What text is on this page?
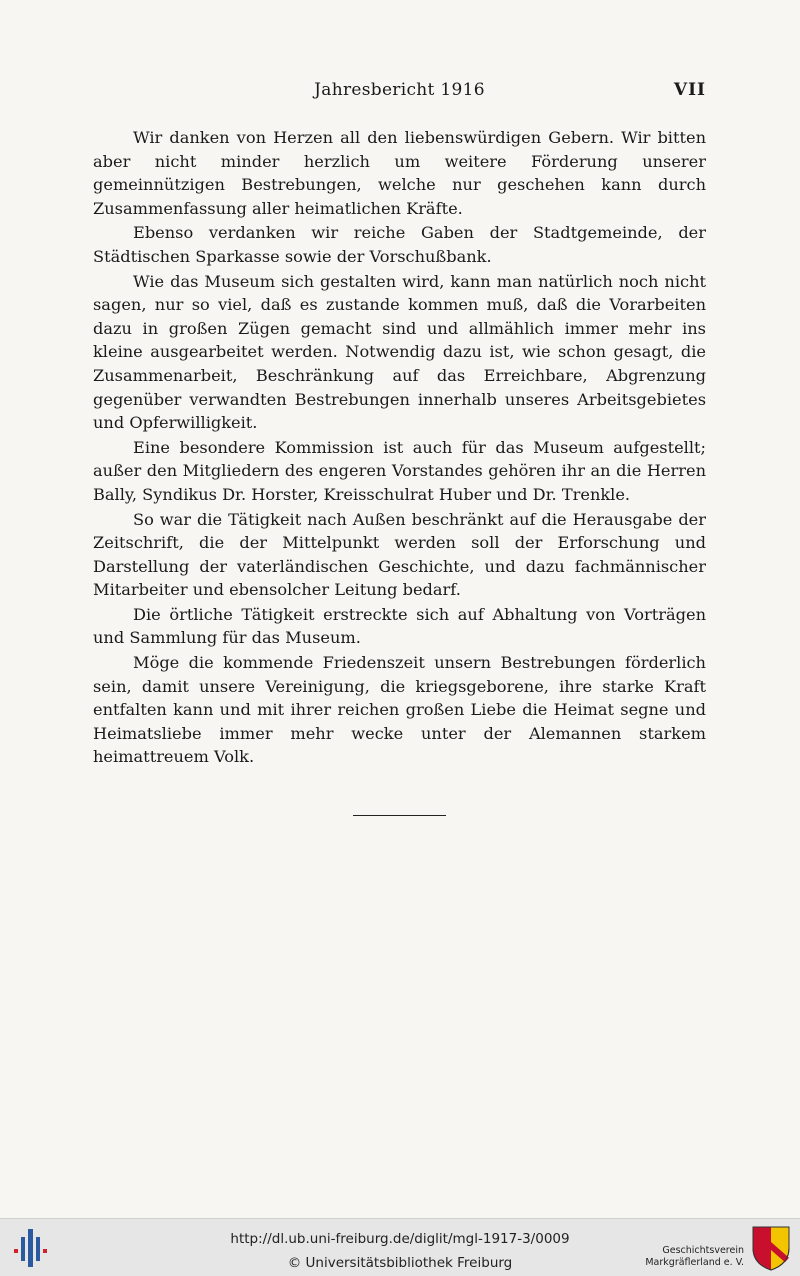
Jahresbericht 1916	VII

Wir danken von Herzen all den liebenswürdigen Gebern. Wir bitten aber nicht minder herzlich um weitere Förderung unserer gemeinnützigen Bestrebungen, welche nur geschehen kann durch Zusammenfassung aller heimatlichen Kräfte.

Ebenso verdanken wir reiche Gaben der Stadtgemeinde, der Städtischen Sparkasse sowie der Vorschußbank.

Wie das Museum sich gestalten wird, kann man natürlich noch nicht sagen, nur so viel, daß es zustande kommen muß, daß die Vorarbeiten dazu in großen Zügen gemacht sind und allmählich immer mehr ins kleine ausgearbeitet werden. Notwendig dazu ist, wie schon gesagt, die Zusammenarbeit, Beschränkung auf das Erreichbare, Abgrenzung gegenüber verwandten Bestrebungen innerhalb unseres Arbeitsgebietes und Opferwilligkeit.

Eine besondere Kommission ist auch für das Museum aufgestellt; außer den Mitgliedern des engeren Vorstandes gehören ihr an die Herren Bally, Syndikus Dr. Horster, Kreisschulrat Huber und Dr. Trenkle.

So war die Tätigkeit nach Außen beschränkt auf die Herausgabe der Zeitschrift, die der Mittelpunkt werden soll der Erforschung und Darstellung der vaterländischen Geschichte, und dazu fachmännischer Mitarbeiter und ebensolcher Leitung bedarf.

Die örtliche Tätigkeit erstreckte sich auf Abhaltung von Vorträgen und Sammlung für das Museum.

Möge die kommende Friedenszeit unsern Bestrebungen förderlich sein, damit unsere Vereinigung, die kriegsgeborene, ihre starke Kraft entfalten kann und mit ihrer reichen großen Liebe die Heimat segne und Heimatsliebe immer mehr wecke unter der Alemannen starkem heimattreuem Volk.

http://dl.ub.uni-freiburg.de/diglit/mgl-1917-3/0009
© Universitätsbibliothek Freiburg
Geschichtsverein
Markgräflerland e. V.
